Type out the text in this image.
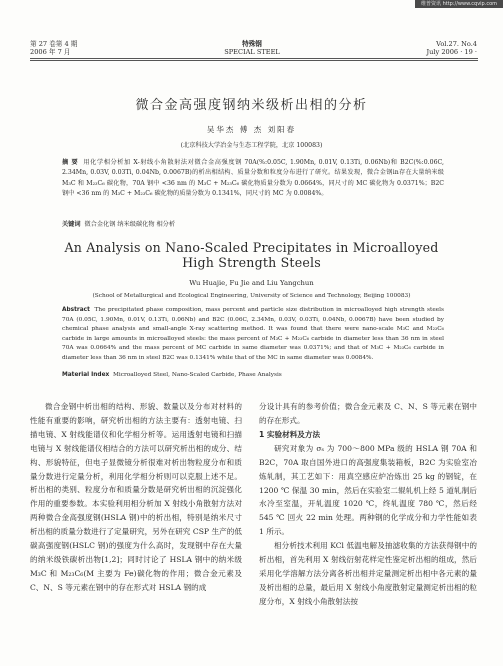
维普资讯 http://www.cqvip.com
第 27 卷第 4 期
2006 年 7 月
特殊钢
SPECIAL STEEL
Vol.27. No.4
July 2006 · 19 ·
微合金高强度钢纳米级析出相的分析
吴华杰 傅 杰 刘阳春
(北京科技大学冶金与生态工程学院，北京 100083)
摘 要 用化学相分析加 X-射线小角散射法对微合金高强度钢 70A(%:0.05C, 1.90Mn, 0.01V, 0.13Ti, 0.06Nb)和 B2C(%:0.06C, 2.34Mn, 0.03V, 0.03Ti, 0.04Nb, 0.0067B)的析出相结构、质量分数和粒度分布进行了研究。结果发现，微合金钢in存在大量纳米级 M₃C 和 M₂₃C₆ 碳化物，70A 钢中 <36 nm 的 M₃C + M₂₃C₆ 碳化物质量分数为 0.0664%，同尺寸的 MC 碳化物为 0.0371%；B2C 钢中 <36 nm 的 M₃C + M₂₃C₆ 碳化物的质量分数为 0.1341%，同尺寸的 MC 为 0.0084%。
关键词 微合金化钢 纳米级碳化物 相分析
An Analysis on Nano-Scaled Precipitates in Microalloyed
High Strength Steels
Wu Huajie, Fu Jie and Liu Yangchun
(School of Metallurgical and Ecological Engineering, University of Science and Technology, Beijing 100083)
Abstract The precipitated phase composition, mass percent and particle size distribution in microalloyed high strength steels 70A (0.05C, 1.90Mn, 0.01V, 0.13Ti, 0.06Nb) and B2C (0.06C, 2.34Mn, 0.03V, 0.03Ti, 0.04Nb, 0.0067B) have been studied by chemical phase analysis and small-angle X-ray scattering method. It was found that there were nano-scale M₃C and M₂₃C₆ carbide in large amounts in microalloyed steels: the mass percent of M₃C + M₂₃C₆ carbide in diameter less than 36 nm in steel 70A was 0.0664% and the mass percent of MC carbide in same diameter was 0.0371%; and that of M₃C + M₂₃C₆ carbide in diameter less than 36 nm in steel B2C was 0.1341% while that of the MC in same diameter was 0.0084%.
Material Index Microalloyed Steel, Nano-Scaled Carbide, Phase Analysis

微合金钢中析出相的结构、形貌、数量以及分布对材料的性能有重要的影响，研究析出相的方法主要有：透射电镜、扫描电镜、X 射线能谱仪和化学相分析等。运用透射电镜和扫描电镜与 X 射线能谱仪相结合的方法可以研究析出相的成分、结构、形貌特征，但电子显微镜分析很难对析出物粒度分布和质量分数进行定量分析，利用化学相分析则可以克服上述不足。析出相的类别、粒度分布和质量分数是研究析出相的沉淀强化作用的重要参数。本实验利用相分析加 X 射线小角散射方法对两种微合金高强度钢(HSLA 钢)中的析出相，特别是纳米尺寸析出相的质量分数进行了定量研究，另外在研究 CSP 生产的低碳高强度钢(HSLC 钢)的强度为什么高时，发现钢中存在大量的纳米级铁碳析出物[1,2]；同时讨论了 HSLA 钢中的纳米级 M₃C 和 M₂₃C₆(M 主要为 Fe)碳化物的作用；微合金元素及 C、N、S 等元素在钢中的存在形式对 HSLA 钢的成

分设计具有的参考价值；微合金元素及 C、N、S 等元素在钢中的存在形式。

1 实验材料及方法

研究对象为 σₛ 为 700～800 MPa 级的 HSLA 钢 70A 和 B2C，70A 取自国外进口的高强度集装箱板，B2C 为实验室冶炼轧制，其工艺如下：用真空感应炉冶炼出 25 kg 的钢锭，在 1200 ℃ 保温 30 min，然后在实验室二辊轧机上经 5 道轧制后水冷至室温，开轧温度 1020 ℃，终轧温度 780 ℃，然后经 545 ℃ 回火 22 min 处理。两种钢的化学成分和力学性能如表 1 所示。

相分析技术利用 KCl 低温电解及抽滤收集的方法获得钢中的析出相，首先利用 X 射线衍射花样定性鉴定析出相的组成，然后采用化学溶解方法分离各析出相并定量测定析出相中各元素的量及析出相的总量，最后用 X 射线小角度散射定量测定析出相的粒度分布，X 射线小角散射法按
